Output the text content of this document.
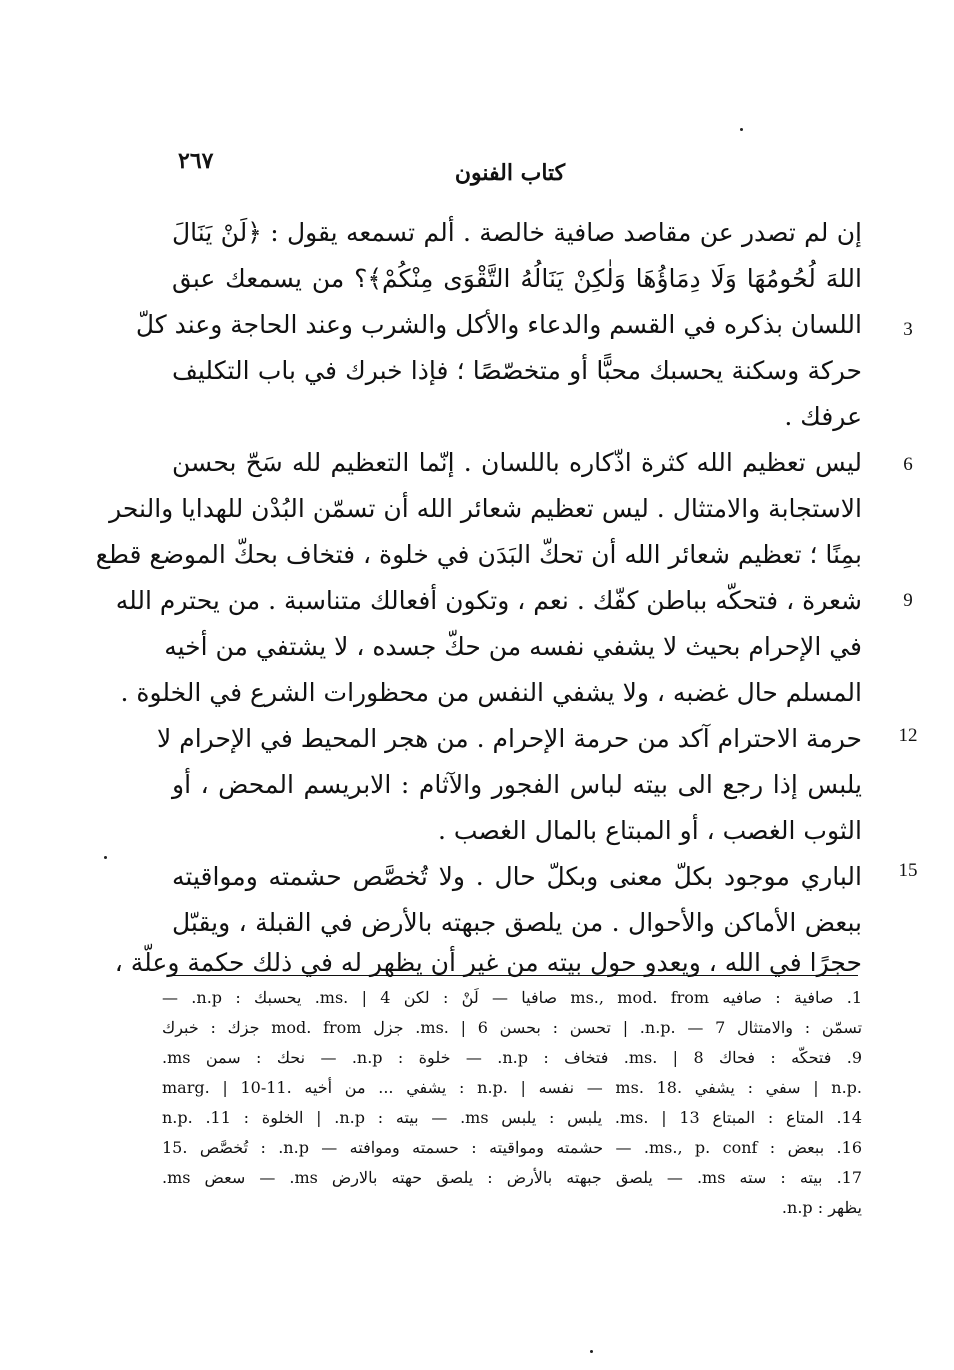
٢٦٧	كتاب الفنون
إن لم تصدر عن مقاصد صافية خالصة . ألم تسمعه يقول : ﴿لَنْ يَنَالَ
اللهَ لُحُومُهَا وَلَا دِمَاؤُهَا وَلٰكِنْ يَنَالُهُ التَّقْوَى مِنْكُمْ﴾؟ من يسمعك عبق
اللسان بذكره في القسم والدعاء والأكل والشرب وعند الحاجة وعند كلّ	3
حركة وسكنة يحسبك محبًّا أو متخصّصًا ؛ فإذا خبرك في باب التكليف
عرفك .
ليس تعظيم الله كثرة اذّكاره باللسان . إنّما التعظيم لله سَحّ بحسن	6
الاستجابة والامتثال . ليس تعظيم شعائر الله أن تسمّن البُدْن للهدايا والنحر
بمِنًا ؛ تعظيم شعائر الله أن تحكّ البَدَن في خلوة ، فتخاف بحكّ الموضع قطع
شعرة ، فتحكّه بباطن كفّك . نعم ، وتكون أفعالك متناسبة . من يحترم الله	9
في الإحرام بحيث لا يشفي نفسه من حكّ جسده ، لا يشتفي من أخيه
المسلم حال غضبه ، ولا يشفي النفس من محظورات الشرع في الخلوة .
حرمة الاحترام آكد من حرمة الإحرام . من هجر المحيط في الإحرام لا	12
يلبس إذا رجع الى بيته لباس الفجور والآثام : الابريسم المحض ، أو
الثوب الغصب ، أو المبتاع بالمال الغصب .
الباري موجود بكلّ معنى وبكلّ حال . ولا تُخصَّص حشمته ومواقيته	15
ببعض الأماكن والأحوال . من يلصق جبهته بالأرض في القبلة ، ويقبّل
حجرًا في الله ، ويعدو حول بيته من غير أن يظهر له في ذلك حكمة وعلّة ،
1. صافية : صافيه ms., mod. from صافيا — لَنْ : لكن ms. | 4. يحسبك : n.p. —
تسمّن : والامتثال n.p. — 7. | تحسن : بحسن ms. | 6. جزل mod. from جزك : خبرك
9. فتحكّه : فحاك ms. | 8. فتخاف : n.p. — خلوة : n.p. — نحك : سمن ms.
marg. | 10-11. يشفي ... من أخيه : n.p. | نفسه — ms. سفي : يشفي .18 | n.p.
14. المتاع : المبتاع ms. | 13. يلبس : يلبس ms. — بيته : n.p. | الخلوة : n.p. .11
16. ببعض : ms., p. conf. — حشمته ومواقيته : حسمته وموافته — n.p. : تُخصَّص .15
17. بيته : سته ms. — يلصق جبهته بالأرض : يلصق حهته بالارض ms. — سعض ms.
يظهر : n.p.
